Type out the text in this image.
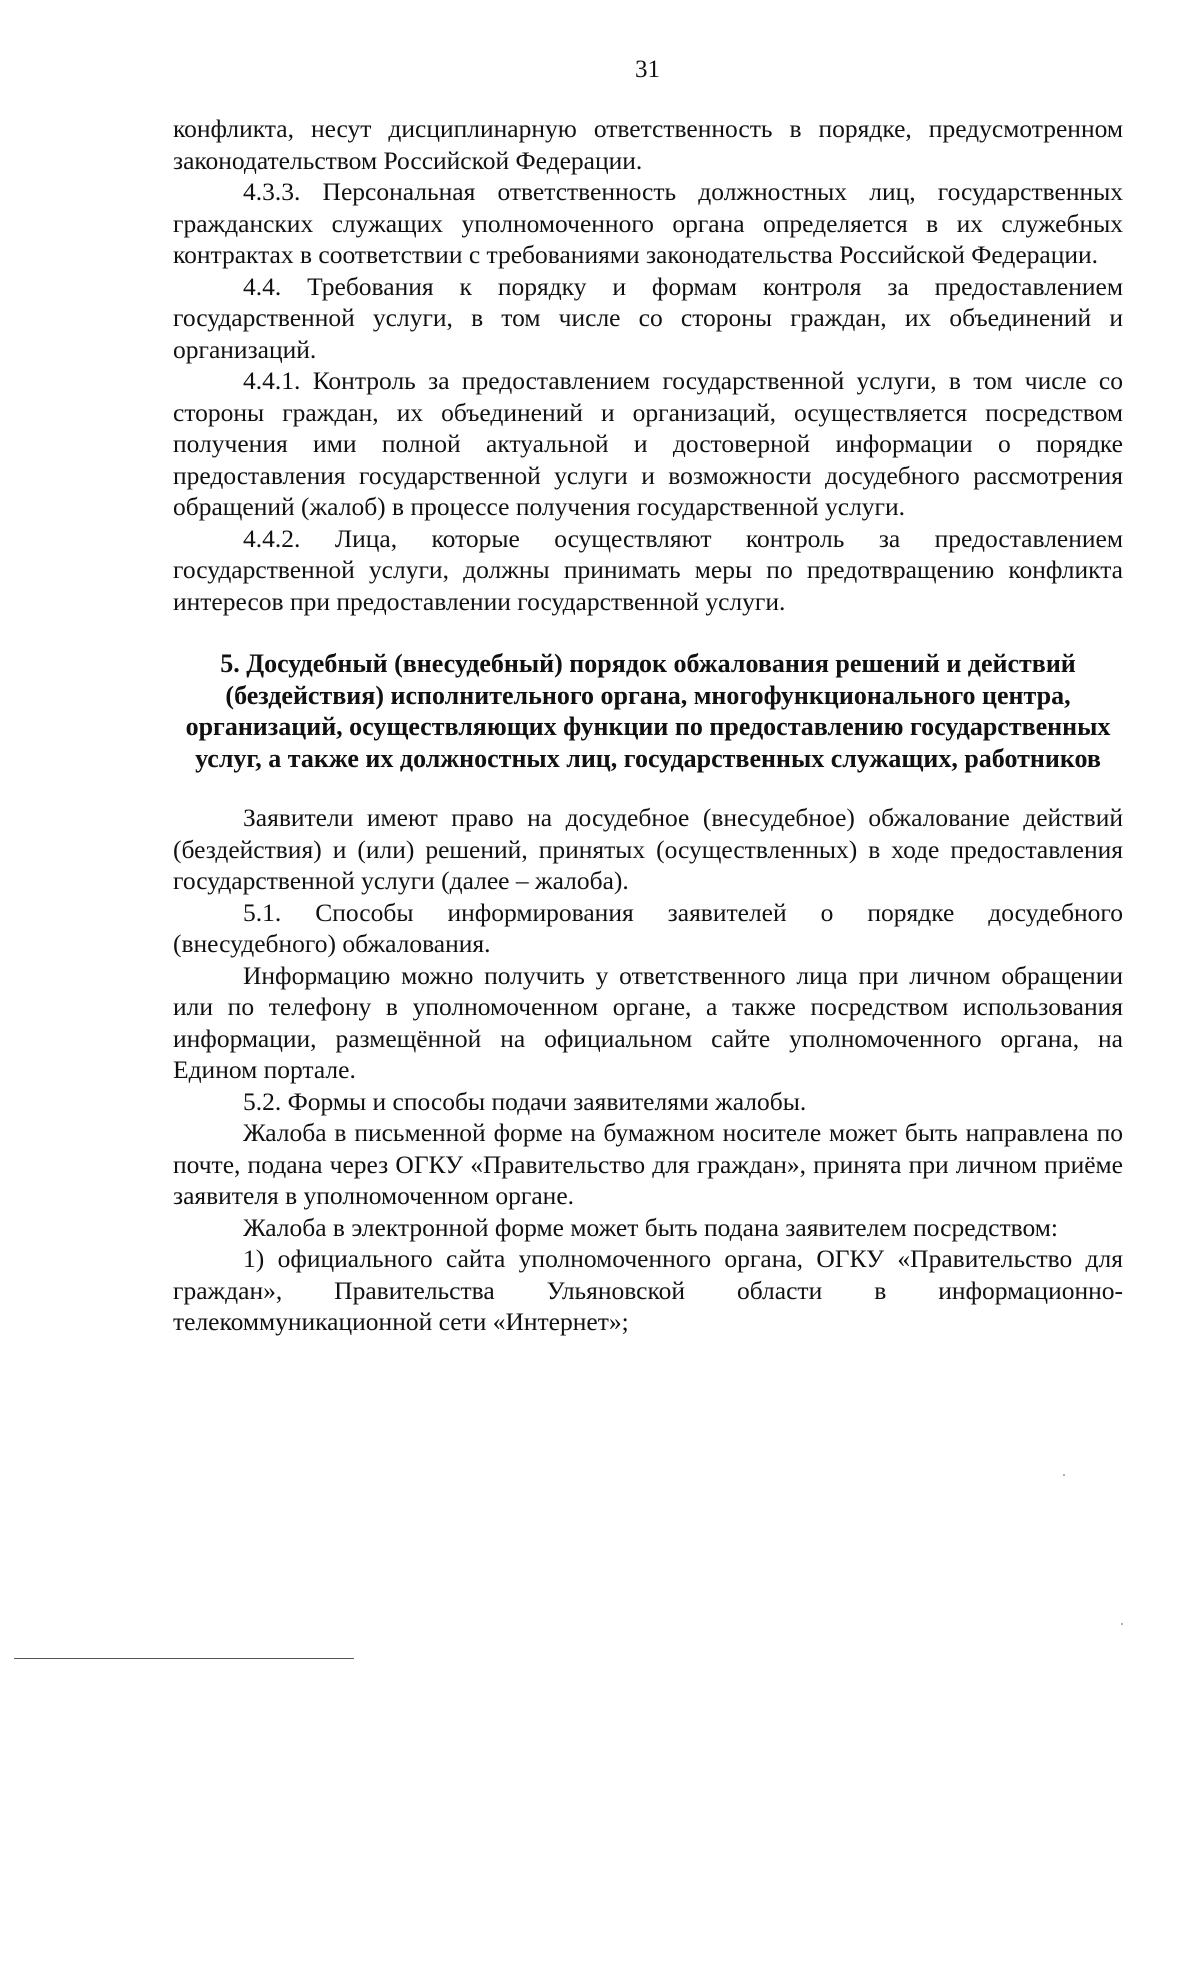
31

конфликта, несут дисциплинарную ответственность в порядке, предусмотренном законодательством Российской Федерации.

4.3.3. Персональная ответственность должностных лиц, государственных гражданских служащих уполномоченного органа определяется в их служебных контрактах в соответствии с требованиями законодательства Российской Федерации.

4.4. Требования к порядку и формам контроля за предоставлением государственной услуги, в том числе со стороны граждан, их объединений и организаций.

4.4.1. Контроль за предоставлением государственной услуги, в том числе со стороны граждан, их объединений и организаций, осуществляется посредством получения ими полной актуальной и достоверной информации о порядке предоставления государственной услуги и возможности досудебного рассмотрения обращений (жалоб) в процессе получения государственной услуги.

4.4.2. Лица, которые осуществляют контроль за предоставлением государственной услуги, должны принимать меры по предотвращению конфликта интересов при предоставлении государственной услуги.

5. Досудебный (внесудебный) порядок обжалования решений и действий (бездействия) исполнительного органа, многофункционального центра, организаций, осуществляющих функции по предоставлению государственных услуг, а также их должностных лиц, государственных служащих, работников

Заявители имеют право на досудебное (внесудебное) обжалование действий (бездействия) и (или) решений, принятых (осуществленных) в ходе предоставления государственной услуги (далее – жалоба).

5.1. Способы информирования заявителей о порядке досудебного (внесудебного) обжалования.

Информацию можно получить у ответственного лица при личном обращении или по телефону в уполномоченном органе, а также посредством использования информации, размещённой на официальном сайте уполномоченного органа, на Едином портале.

5.2. Формы и способы подачи заявителями жалобы.

Жалоба в письменной форме на бумажном носителе может быть направлена по почте, подана через ОГКУ «Правительство для граждан», принята при личном приёме заявителя в уполномоченном органе.

Жалоба в электронной форме может быть подана заявителем посредством:

1) официального сайта уполномоченного органа, ОГКУ «Правительство для граждан», Правительства Ульяновской области в информационно-телекоммуникационной сети «Интернет»;
